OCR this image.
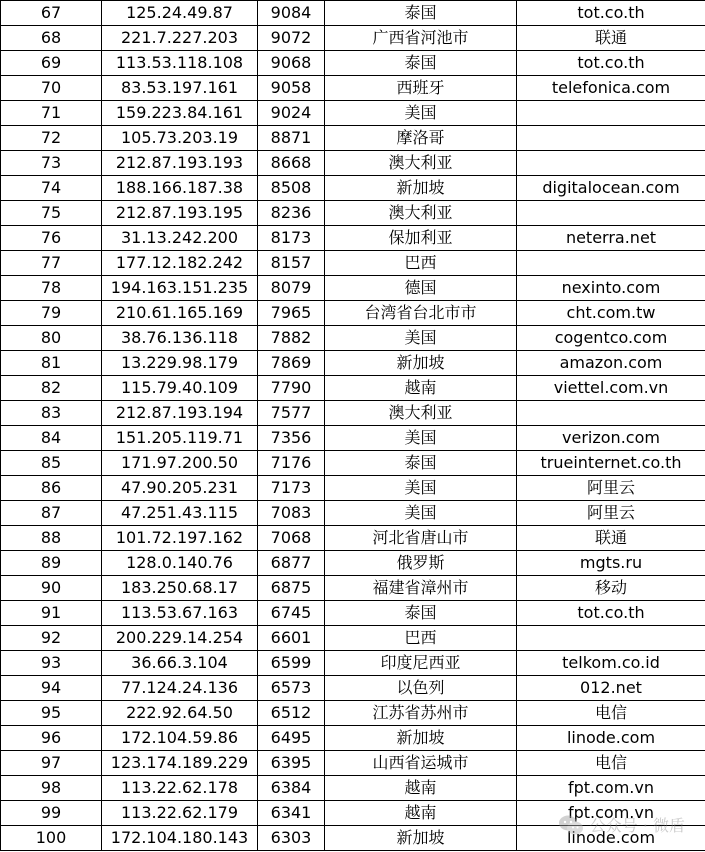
67	125.24.49.87	9084	泰国	tot.co.th
68	221.7.227.203	9072	广西省河池市	联通
69	113.53.118.108	9068	泰国	tot.co.th
70	83.53.197.161	9058	西班牙	telefonica.com
71	159.223.84.161	9024	美国	
72	105.73.203.19	8871	摩洛哥	
73	212.87.193.193	8668	澳大利亚	
74	188.166.187.38	8508	新加坡	digitalocean.com
75	212.87.193.195	8236	澳大利亚	
76	31.13.242.200	8173	保加利亚	neterra.net
77	177.12.182.242	8157	巴西	
78	194.163.151.235	8079	德国	nexinto.com
79	210.61.165.169	7965	台湾省台北市市	cht.com.tw
80	38.76.136.118	7882	美国	cogentco.com
81	13.229.98.179	7869	新加坡	amazon.com
82	115.79.40.109	7790	越南	viettel.com.vn
83	212.87.193.194	7577	澳大利亚	
84	151.205.119.71	7356	美国	verizon.com
85	171.97.200.50	7176	泰国	trueinternet.co.th
86	47.90.205.231	7173	美国	阿里云
87	47.251.43.115	7083	美国	阿里云
88	101.72.197.162	7068	河北省唐山市	联通
89	128.0.140.76	6877	俄罗斯	mgts.ru
90	183.250.68.17	6875	福建省漳州市	移动
91	113.53.67.163	6745	泰国	tot.co.th
92	200.229.14.254	6601	巴西	
93	36.66.3.104	6599	印度尼西亚	telkom.co.id
94	77.124.24.136	6573	以色列	012.net
95	222.92.64.50	6512	江苏省苏州市	电信
96	172.104.59.86	6495	新加坡	linode.com
97	123.174.189.229	6395	山西省运城市	电信
98	113.22.62.178	6384	越南	fpt.com.vn
99	113.22.62.179	6341	越南	fpt.com.vn
100	172.104.180.143	6303	新加坡	linode.com
公众号 · 微盾
